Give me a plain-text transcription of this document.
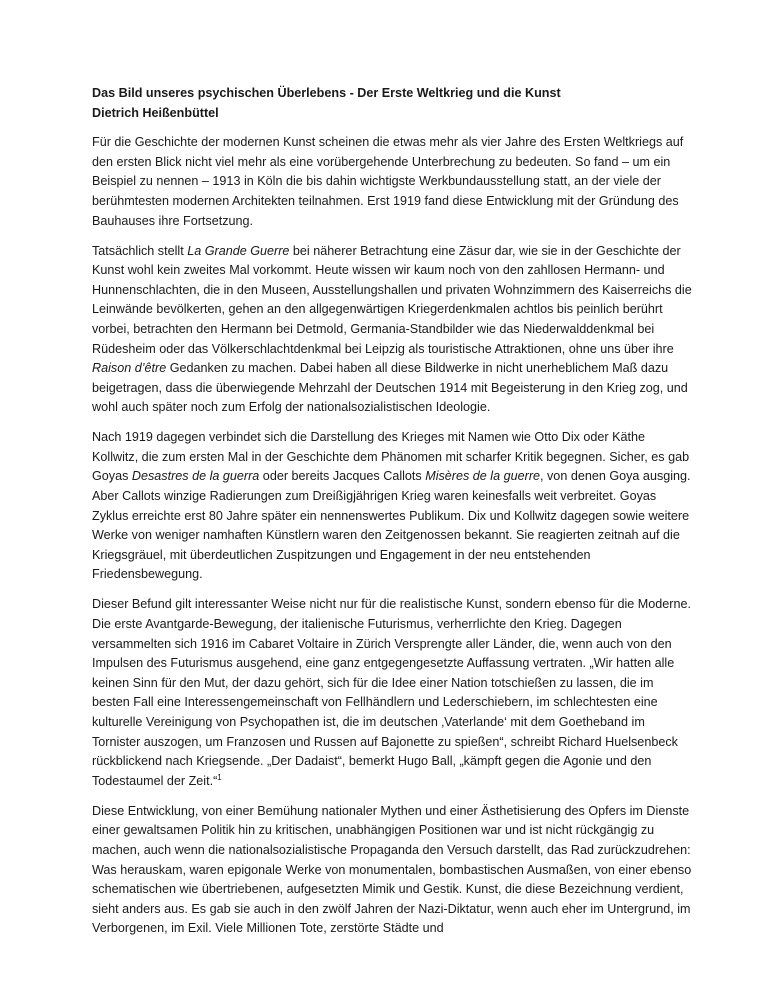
Das Bild unseres psychischen Überlebens - Der Erste Weltkrieg und die Kunst
Dietrich Heißenbüttel

Für die Geschichte der modernen Kunst scheinen die etwas mehr als vier Jahre des Ersten Weltkriegs auf den ersten Blick nicht viel mehr als eine vorübergehende Unterbrechung zu bedeuten. So fand – um ein Beispiel zu nennen – 1913 in Köln die bis dahin wichtigste Werkbundausstellung statt, an der viele der berühmtesten modernen Architekten teilnahmen. Erst 1919 fand diese Entwicklung mit der Gründung des Bauhauses ihre Fortsetzung.

Tatsächlich stellt La Grande Guerre bei näherer Betrachtung eine Zäsur dar, wie sie in der Geschichte der Kunst wohl kein zweites Mal vorkommt. Heute wissen wir kaum noch von den zahllosen Hermann- und Hunnenschlachten, die in den Museen, Ausstellungshallen und privaten Wohnzimmern des Kaiserreichs die Leinwände bevölkerten, gehen an den allgegenwärtigen Kriegerdenkmalen achtlos bis peinlich berührt vorbei, betrachten den Hermann bei Detmold, Germania-Standbilder wie das Niederwalddenkmal bei Rüdesheim oder das Völkerschlachtdenkmal bei Leipzig als touristische Attraktionen, ohne uns über ihre Raison d’être Gedanken zu machen. Dabei haben all diese Bildwerke in nicht unerheblichem Maß dazu beigetragen, dass die überwiegende Mehrzahl der Deutschen 1914 mit Begeisterung in den Krieg zog, und wohl auch später noch zum Erfolg der nationalsozialistischen Ideologie.

Nach 1919 dagegen verbindet sich die Darstellung des Krieges mit Namen wie Otto Dix oder Käthe Kollwitz, die zum ersten Mal in der Geschichte dem Phänomen mit scharfer Kritik begegnen. Sicher, es gab Goyas Desastres de la guerra oder bereits Jacques Callots Misères de la guerre, von denen Goya ausging. Aber Callots winzige Radierungen zum Dreißigjährigen Krieg waren keinesfalls weit verbreitet. Goyas Zyklus erreichte erst 80 Jahre später ein nennenswertes Publikum. Dix und Kollwitz dagegen sowie weitere Werke von weniger namhaften Künstlern waren den Zeitgenossen bekannt. Sie reagierten zeitnah auf die Kriegsgräuel, mit überdeutlichen Zuspitzungen und Engagement in der neu entstehenden Friedensbewegung.

Dieser Befund gilt interessanter Weise nicht nur für die realistische Kunst, sondern ebenso für die Moderne. Die erste Avantgarde-Bewegung, der italienische Futurismus, verherrlichte den Krieg. Dagegen versammelten sich 1916 im Cabaret Voltaire in Zürich Versprengte aller Länder, die, wenn auch von den Impulsen des Futurismus ausgehend, eine ganz entgegengesetzte Auffassung vertraten. „Wir hatten alle keinen Sinn für den Mut, der dazu gehört, sich für die Idee einer Nation totschießen zu lassen, die im besten Fall eine Interessengemeinschaft von Fellhändlern und Lederschiebern, im schlechtesten eine kulturelle Vereinigung von Psychopathen ist, die im deutschen ‚Vaterlande‘ mit dem Goetheband im Tornister auszogen, um Franzosen und Russen auf Bajonette zu spießen“, schreibt Richard Huelsenbeck rückblickend nach Kriegsende. „Der Dadaist“, bemerkt Hugo Ball, „kämpft gegen die Agonie und den Todestaumel der Zeit.“$^1$

Diese Entwicklung, von einer Bemühung nationaler Mythen und einer Ästhetisierung des Opfers im Dienste einer gewaltsamen Politik hin zu kritischen, unabhängigen Positionen war und ist nicht rückgängig zu machen, auch wenn die nationalsozialistische Propaganda den Versuch darstellt, das Rad zurückzudrehen: Was herauskam, waren epigonale Werke von monumentalen, bombastischen Ausmaßen, von einer ebenso schematischen wie übertriebenen, aufgesetzten Mimik und Gestik. Kunst, die diese Bezeichnung verdient, sieht anders aus. Es gab sie auch in den zwölf Jahren der Nazi-Diktatur, wenn auch eher im Untergrund, im Verborgenen, im Exil. Viele Millionen Tote, zerstörte Städte und
